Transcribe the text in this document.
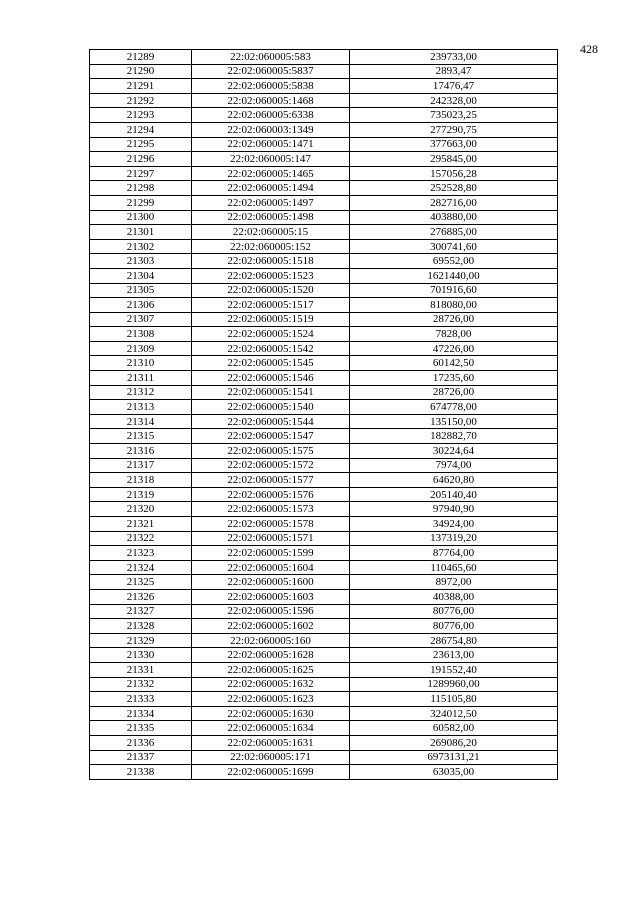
428
21289	22:02:060005:583	239733,00
21290	22:02:060005:5837	2893,47
21291	22:02:060005:5838	17476,47
21292	22:02:060005:1468	242328,00
21293	22:02:060005:6338	735023,25
21294	22:02:060003:1349	277290,75
21295	22:02:060005:1471	377663,00
21296	22:02:060005:147	295845,00
21297	22:02:060005:1465	157056,28
21298	22:02:060005:1494	252528,80
21299	22:02:060005:1497	282716,00
21300	22:02:060005:1498	403880,00
21301	22:02:060005:15	276885,00
21302	22:02:060005:152	300741,60
21303	22:02:060005:1518	69552,00
21304	22:02:060005:1523	1621440,00
21305	22:02:060005:1520	701916,60
21306	22:02:060005:1517	818080,00
21307	22:02:060005:1519	28726,00
21308	22:02:060005:1524	7828,00
21309	22:02:060005:1542	47226,00
21310	22:02:060005:1545	60142,50
21311	22:02:060005:1546	17235,60
21312	22:02:060005:1541	28726,00
21313	22:02:060005:1540	674778,00
21314	22:02:060005:1544	135150,00
21315	22:02:060005:1547	182882,70
21316	22:02:060005:1575	30224,64
21317	22:02:060005:1572	7974,00
21318	22:02:060005:1577	64620,80
21319	22:02:060005:1576	205140,40
21320	22:02:060005:1573	97940,90
21321	22:02:060005:1578	34924,00
21322	22:02:060005:1571	137319,20
21323	22:02:060005:1599	87764,00
21324	22:02:060005:1604	110465,60
21325	22:02:060005:1600	8972,00
21326	22:02:060005:1603	40388,00
21327	22:02:060005:1596	80776,00
21328	22:02:060005:1602	80776,00
21329	22:02:060005:160	286754,80
21330	22:02:060005:1628	23613,00
21331	22:02:060005:1625	191552,40
21332	22:02:060005:1632	1289960,00
21333	22:02:060005:1623	115105,80
21334	22:02:060005:1630	324012,50
21335	22:02:060005:1634	60582,00
21336	22:02:060005:1631	269086,20
21337	22:02:060005:171	6973131,21
21338	22:02:060005:1699	63035,00
